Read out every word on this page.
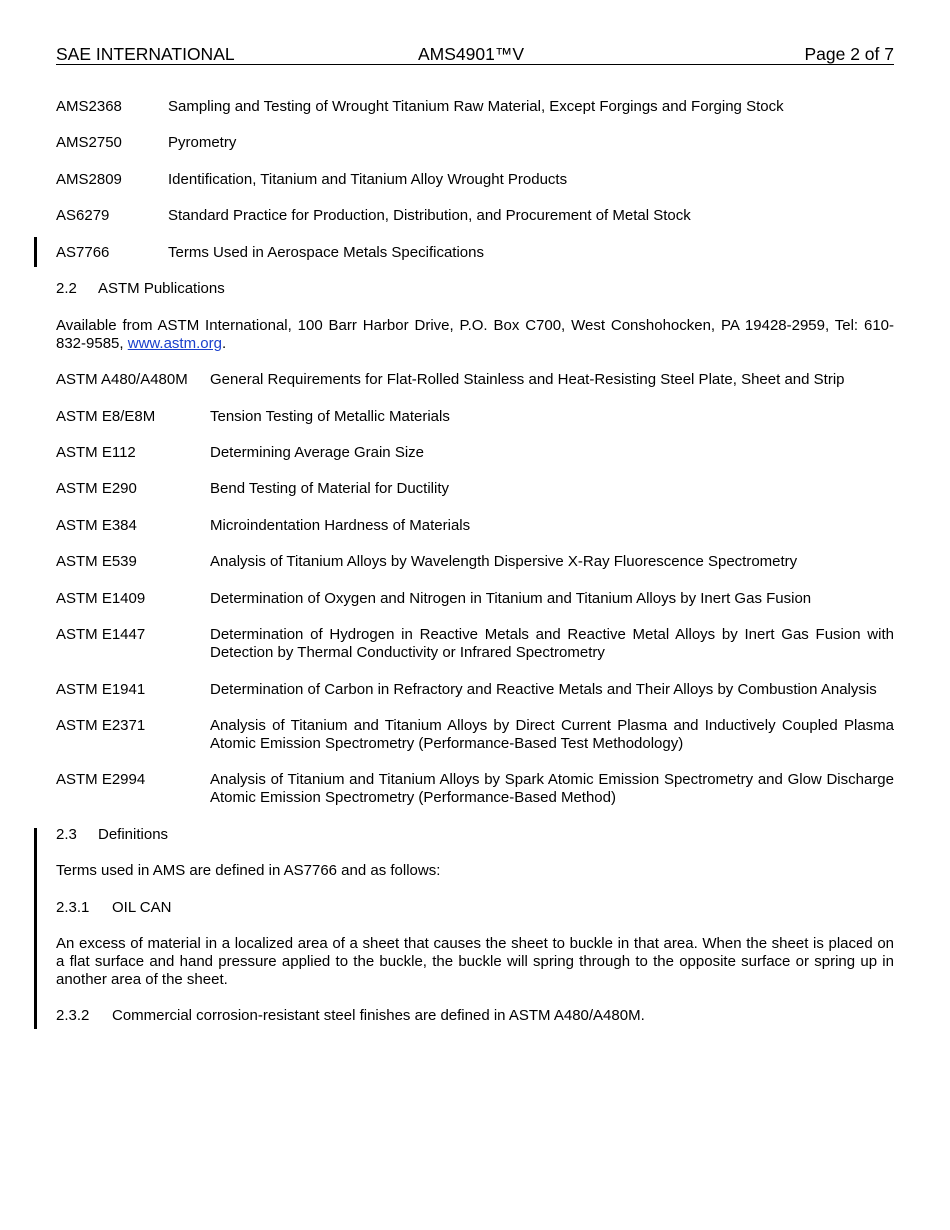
SAE INTERNATIONAL	AMS4901™V	Page 2 of 7
AMS2368	Sampling and Testing of Wrought Titanium Raw Material, Except Forgings and Forging Stock
AMS2750	Pyrometry
AMS2809	Identification, Titanium and Titanium Alloy Wrought Products
AS6279	Standard Practice for Production, Distribution, and Procurement of Metal Stock
AS7766	Terms Used in Aerospace Metals Specifications
2.2 ASTM Publications
Available from ASTM International, 100 Barr Harbor Drive, P.O. Box C700, West Conshohocken, PA 19428-2959, Tel: 610-832-9585, www.astm.org.
ASTM A480/A480M General Requirements for Flat-Rolled Stainless and Heat-Resisting Steel Plate, Sheet and Strip
ASTM E8/E8M	Tension Testing of Metallic Materials
ASTM E112	Determining Average Grain Size
ASTM E290	Bend Testing of Material for Ductility
ASTM E384	Microindentation Hardness of Materials
ASTM E539	Analysis of Titanium Alloys by Wavelength Dispersive X-Ray Fluorescence Spectrometry
ASTM E1409	Determination of Oxygen and Nitrogen in Titanium and Titanium Alloys by Inert Gas Fusion
ASTM E1447	Determination of Hydrogen in Reactive Metals and Reactive Metal Alloys by Inert Gas Fusion with Detection by Thermal Conductivity or Infrared Spectrometry
ASTM E1941	Determination of Carbon in Refractory and Reactive Metals and Their Alloys by Combustion Analysis
ASTM E2371	Analysis of Titanium and Titanium Alloys by Direct Current Plasma and Inductively Coupled Plasma Atomic Emission Spectrometry (Performance-Based Test Methodology)
ASTM E2994	Analysis of Titanium and Titanium Alloys by Spark Atomic Emission Spectrometry and Glow Discharge Atomic Emission Spectrometry (Performance-Based Method)
2.3 Definitions
Terms used in AMS are defined in AS7766 and as follows:
2.3.1 OIL CAN
An excess of material in a localized area of a sheet that causes the sheet to buckle in that area. When the sheet is placed on a flat surface and hand pressure applied to the buckle, the buckle will spring through to the opposite surface or spring up in another area of the sheet.
2.3.2 Commercial corrosion-resistant steel finishes are defined in ASTM A480/A480M.
